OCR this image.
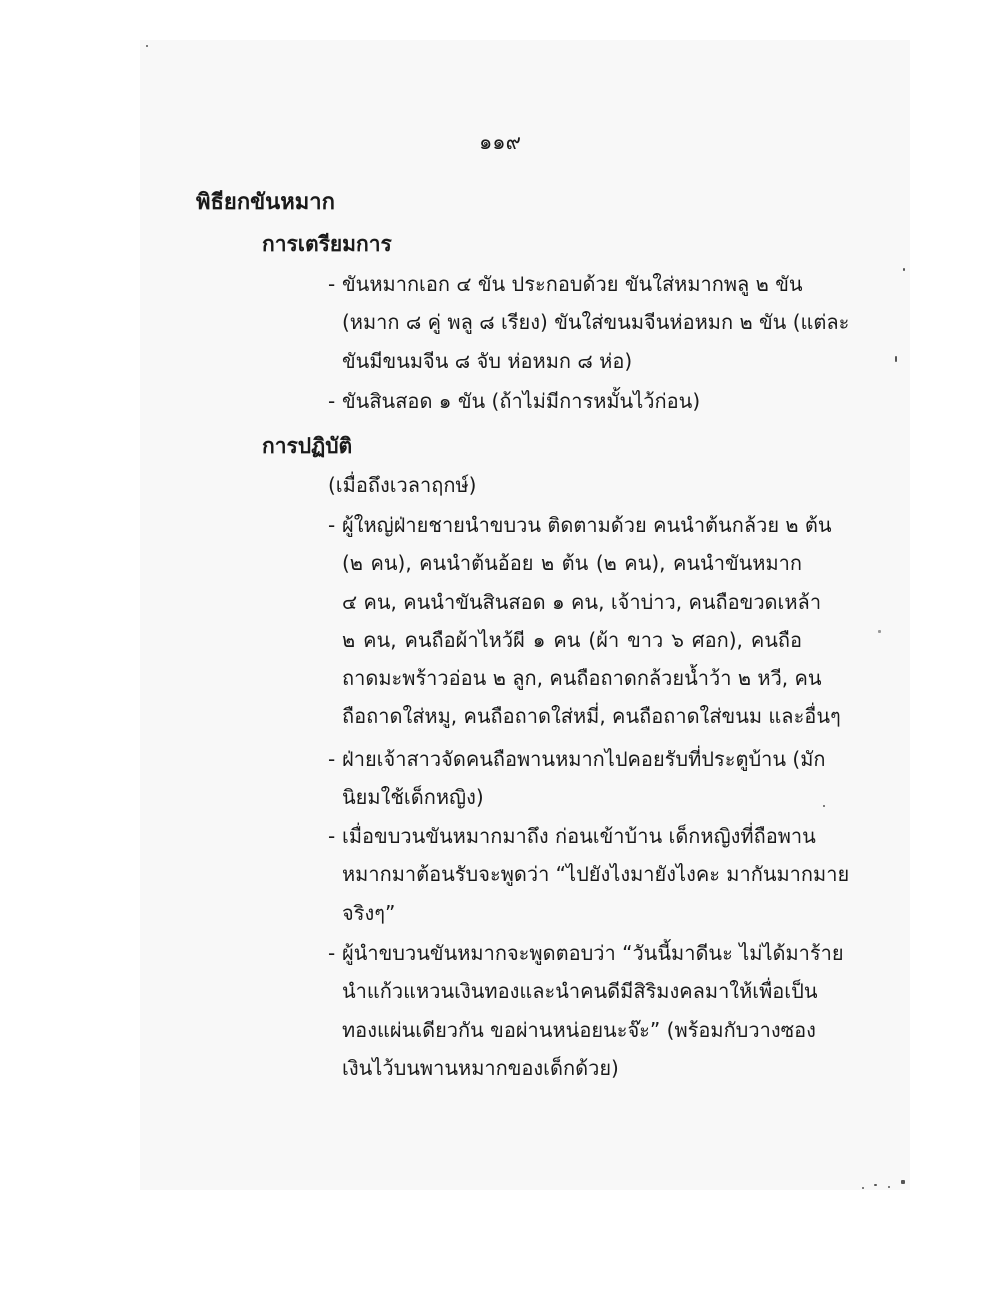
๑๑๙
พิธียกขันหมาก
การเตรียมการ
- ขันหมากเอก ๔ ขัน ประกอบด้วย ขันใส่หมากพลู ๒ ขัน
(หมาก ๘ คู่ พลู ๘ เรียง) ขันใส่ขนมจีนห่อหมก ๒ ขัน (แต่ละ
ขันมีขนมจีน ๘ จับ ห่อหมก ๘ ห่อ)
- ขันสินสอด ๑ ขัน (ถ้าไม่มีการหมั้นไว้ก่อน)
การปฏิบัติ
(เมื่อถึงเวลาฤกษ์)
- ผู้ใหญ่ฝ่ายชายนำขบวน ติดตามด้วย คนนำต้นกล้วย ๒ ต้น
(๒ คน), คนนำต้นอ้อย ๒ ต้น (๒ คน), คนนำขันหมาก
๔ คน, คนนำขันสินสอด ๑ คน, เจ้าบ่าว, คนถือขวดเหล้า
๒ คน, คนถือผ้าไหว้ผี ๑ คน (ผ้า ขาว ๖ ศอก), คนถือ
ถาดมะพร้าวอ่อน ๒ ลูก, คนถือถาดกล้วยน้ำว้า ๒ หวี, คน
ถือถาดใส่หมู, คนถือถาดใส่หมี่, คนถือถาดใส่ขนม และอื่นๆ
- ฝ่ายเจ้าสาวจัดคนถือพานหมากไปคอยรับที่ประตูบ้าน (มัก
นิยมใช้เด็กหญิง)
- เมื่อขบวนขันหมากมาถึง ก่อนเข้าบ้าน เด็กหญิงที่ถือพาน
หมากมาต้อนรับจะพูดว่า “ไปยังไงมายังไงคะ มากันมากมาย
จริงๆ”
- ผู้นำขบวนขันหมากจะพูดตอบว่า “วันนี้มาดีนะ ไม่ได้มาร้าย
นำแก้วแหวนเงินทองและนำคนดีมีสิริมงคลมาให้เพื่อเป็น
ทองแผ่นเดียวกัน ขอผ่านหน่อยนะจ๊ะ” (พร้อมกับวางซอง
เงินไว้บนพานหมากของเด็กด้วย)
